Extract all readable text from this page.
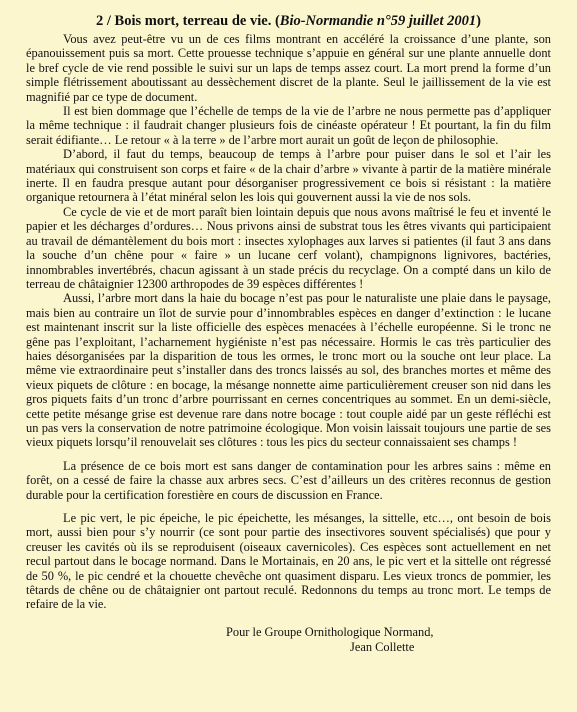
2 / Bois mort, terreau de vie. (Bio-Normandie n°59 juillet 2001)

Vous avez peut-être vu un de ces films montrant en accéléré la croissance d’une plante, son épanouissement puis sa mort. Cette prouesse technique s’appuie en général sur une plante annuelle dont le bref cycle de vie rend possible le suivi sur un laps de temps assez court. La mort prend la forme d’un simple flétrissement aboutissant au dessèchement discret de la plante. Seul le jaillissement de la vie est magnifié par ce type de document.

Il est bien dommage que l’échelle de temps de la vie de l’arbre ne nous permette pas d’appliquer la même technique : il faudrait changer plusieurs fois de cinéaste opérateur ! Et pourtant, la fin du film serait édifiante… Le retour « à la terre » de l’arbre mort aurait un goût de leçon de philosophie.

D’abord, il faut du temps, beaucoup de temps à l’arbre pour puiser dans le sol et l’air les matériaux qui construisent son corps et faire « de la chair d’arbre » vivante à partir de la matière minérale inerte. Il en faudra presque autant pour désorganiser progressivement ce bois si résistant : la matière organique retournera à l’état minéral selon les lois qui gouvernent aussi la vie de nos sols.

Ce cycle de vie et de mort paraît bien lointain depuis que nous avons maîtrisé le feu et inventé le papier et les décharges d’ordures… Nous privons ainsi de substrat tous les êtres vivants qui participaient au travail de démantèlement du bois mort : insectes xylophages aux larves si patientes (il faut 3 ans dans la souche d’un chêne pour « faire » un lucane cerf volant), champignons lignivores, bactéries, innombrables invertébrés, chacun agissant à un stade précis du recyclage. On a compté dans un kilo de terreau de châtaignier 12300 arthropodes de 39 espèces différentes !

Aussi, l’arbre mort dans la haie du bocage n’est pas pour le naturaliste une plaie dans le paysage, mais bien au contraire un îlot de survie pour d’innombrables espèces en danger d’extinction : le lucane est maintenant inscrit sur la liste officielle des espèces menacées à l’échelle européenne. Si le tronc ne gêne pas l’exploitant, l’acharnement hygiéniste n’est pas nécessaire. Hormis le cas très particulier des haies désorganisées par la disparition de tous les ormes, le tronc mort ou la souche ont leur place. La même vie extraordinaire peut s’installer dans des troncs laissés au sol, des branches mortes et même des vieux piquets de clôture : en bocage, la mésange nonnette aime particulièrement creuser son nid dans les gros piquets faits d’un tronc d’arbre pourrissant en cernes concentriques au sommet. En un demi-siècle, cette petite mésange grise est devenue rare dans notre bocage : tout couple aidé par un geste réfléchi est un pas vers la conservation de notre patrimoine écologique. Mon voisin laissait toujours une partie de ses vieux piquets lorsqu’il renouvelait ses clôtures : tous les pics du secteur connaissaient ses champs !

La présence de ce bois mort est sans danger de contamination pour les arbres sains : même en forêt, on a cessé de faire la chasse aux arbres secs. C’est d’ailleurs un des critères reconnus de gestion durable pour la certification forestière en cours de discussion en France.

Le pic vert, le pic épeiche, le pic épeichette, les mésanges, la sittelle, etc…, ont besoin de bois mort, aussi bien pour s’y nourrir (ce sont pour partie des insectivores souvent spécialisés) que pour y creuser les cavités où ils se reproduisent (oiseaux cavernicoles). Ces espèces sont actuellement en net recul partout dans le bocage normand. Dans le Mortainais, en 20 ans, le pic vert et la sittelle ont régressé de 50 %, le pic cendré et la chouette chevêche ont quasiment disparu. Les vieux troncs de pommier, les têtards de chêne ou de châtaignier ont partout reculé. Redonnons du temps au tronc mort. Le temps de refaire de la vie.

Pour le Groupe Ornithologique Normand,
Jean Collette
